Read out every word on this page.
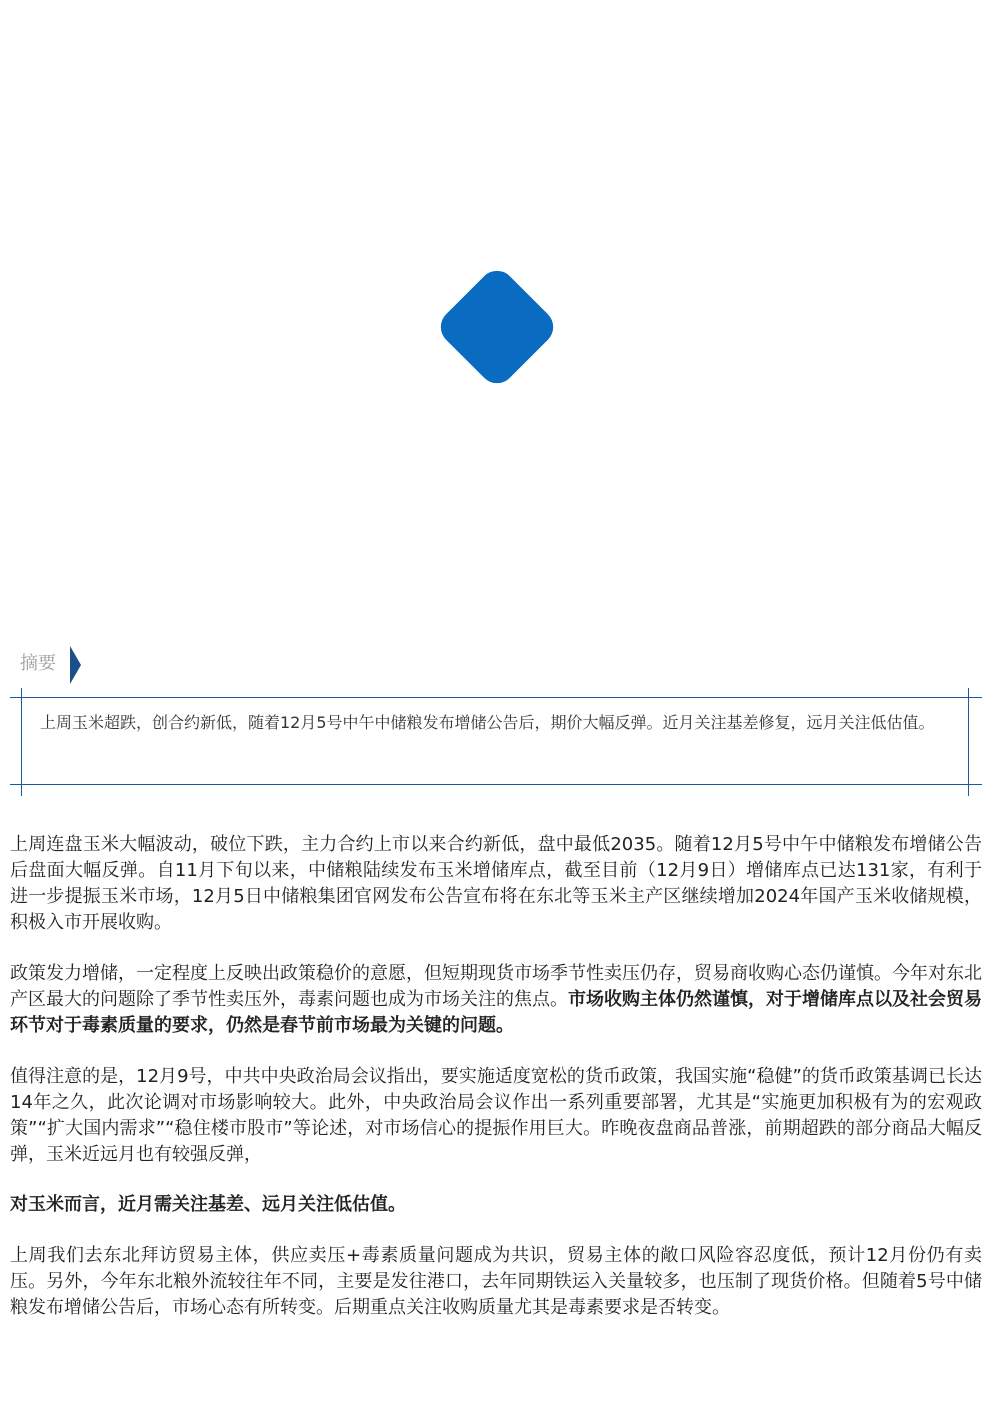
摘要

上周玉米超跌，创合约新低，随着12月5号中午中储粮发布增储公告后，期价大幅反弹。近月关注基差修复，远月关注低估值。

上周连盘玉米大幅波动，破位下跌，主力合约上市以来合约新低，盘中最低2035。随着12月5号中午中储粮发布增储公告后盘面大幅反弹。自11月下旬以来，中储粮陆续发布玉米增储库点，截至目前（12月9日）增储库点已达131家，有利于进一步提振玉米市场，12月5日中储粮集团官网发布公告宣布将在东北等玉米主产区继续增加2024年国产玉米收储规模，积极入市开展收购。

政策发力增储，一定程度上反映出政策稳价的意愿，但短期现货市场季节性卖压仍存，贸易商收购心态仍谨慎。今年对东北产区最大的问题除了季节性卖压外，毒素问题也成为市场关注的焦点。市场收购主体仍然谨慎，对于增储库点以及社会贸易环节对于毒素质量的要求，仍然是春节前市场最为关键的问题。

值得注意的是，12月9号，中共中央政治局会议指出，要实施适度宽松的货币政策，我国实施“稳健”的货币政策基调已长达14年之久，此次论调对市场影响较大。此外，中央政治局会议作出一系列重要部署，尤其是“实施更加积极有为的宏观政策”“扩大国内需求”“稳住楼市股市”等论述，对市场信心的提振作用巨大。昨晚夜盘商品普涨，前期超跌的部分商品大幅反弹，玉米近远月也有较强反弹，

对玉米而言，近月需关注基差、远月关注低估值。

上周我们去东北拜访贸易主体，供应卖压+毒素质量问题成为共识，贸易主体的敞口风险容忍度低，预计12月份仍有卖压。另外，今年东北粮外流较往年不同，主要是发往港口，去年同期铁运入关量较多，也压制了现货价格。但随着5号中储粮发布增储公告后，市场心态有所转变。后期重点关注收购质量尤其是毒素要求是否转变。
